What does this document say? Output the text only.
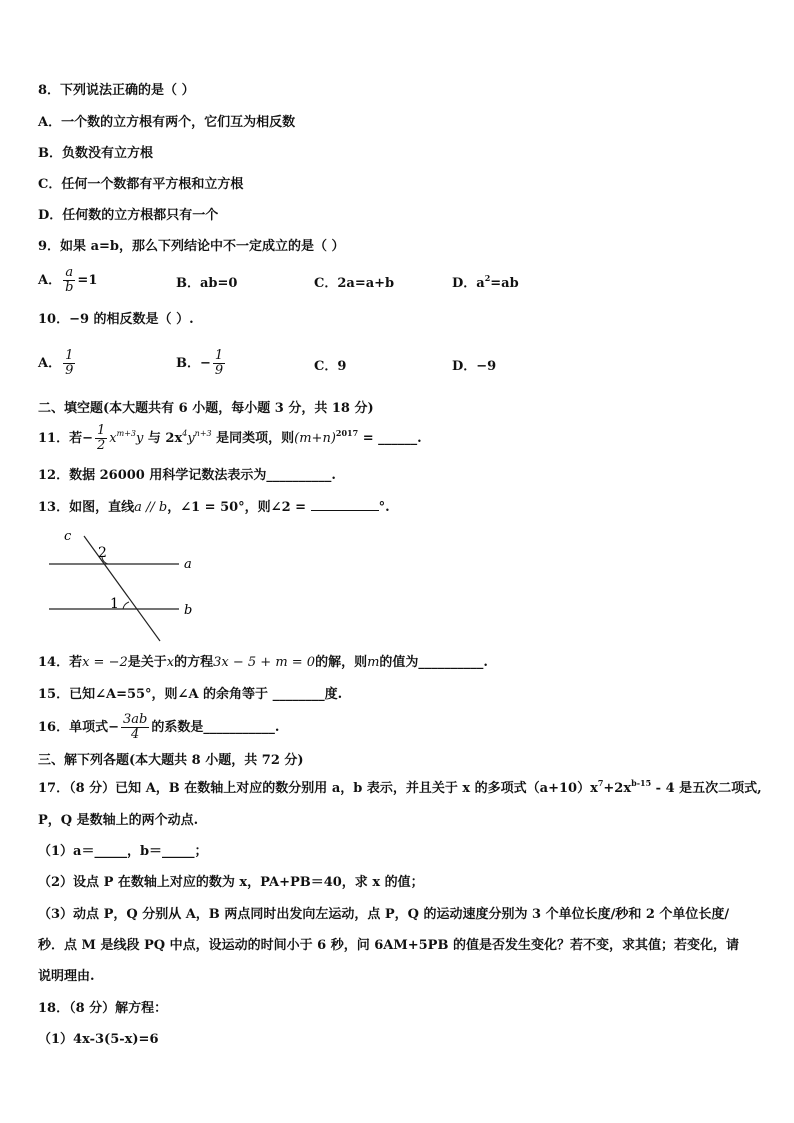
8．下列说法正确的是（ ）
A．一个数的立方根有两个，它们互为相反数
B．负数没有立方根
C．任何一个数都有平方根和立方根
D．任何数的立方根都只有一个
9．如果 a=b，那么下列结论中不一定成立的是（ ）
A． $\frac{a}{b} =1$	B．ab=0	C．2a=a+b	D．$a^2=ab$
10．−9 的相反数是（ ）.
A． $\frac{1}{9}$	B．− $\frac{1}{9}$	C．9	D．−9
二、填空题(本大题共有 6 小题，每小题 3 分，共 18 分)
11．若− $\frac{1}{2} x^{m+3}y$ 与 $2x^4y^{n+3}$ 是同类项，则$(m+n)^{2017}$ = ______.
12．数据 26000 用科学记数法表示为__________.
13．如图，直线a // b，∠1 = 50°，则∠2 =	°.
c
2
a
1	b
14．若x = −2是关于x的方程3x − 5 + m = 0的解，则m的值为__________.
15．已知∠A=55°，则∠A 的余角等于 ________度.
16．单项式− $\frac{3ab}{4}$ 的系数是___________.
三、解下列各题(本大题共 8 小题，共 72 分)
17．（8 分）已知 A，B 在数轴上对应的数分别用 a，b 表示，并且关于 x 的多项式$(a+10)x^7+2x^{b-15} - 4$ 是五次二项式,
P，Q 是数轴上的两个动点.
（1）a＝_____，b＝_____；
（2）设点 P 在数轴上对应的数为 x，PA+PB＝40，求 x 的值；
（3）动点 P，Q 分别从 A，B 两点同时出发向左运动，点 P，Q 的运动速度分别为 3 个单位长度/秒和 2 个单位长度/
秒．点 M 是线段 PQ 中点，设运动的时间小于 6 秒，问 6AM+5PB 的值是否发生变化？若不变，求其值；若变化，请
说明理由.
18．（8 分）解方程：
（1）4x-3(5-x)=6
